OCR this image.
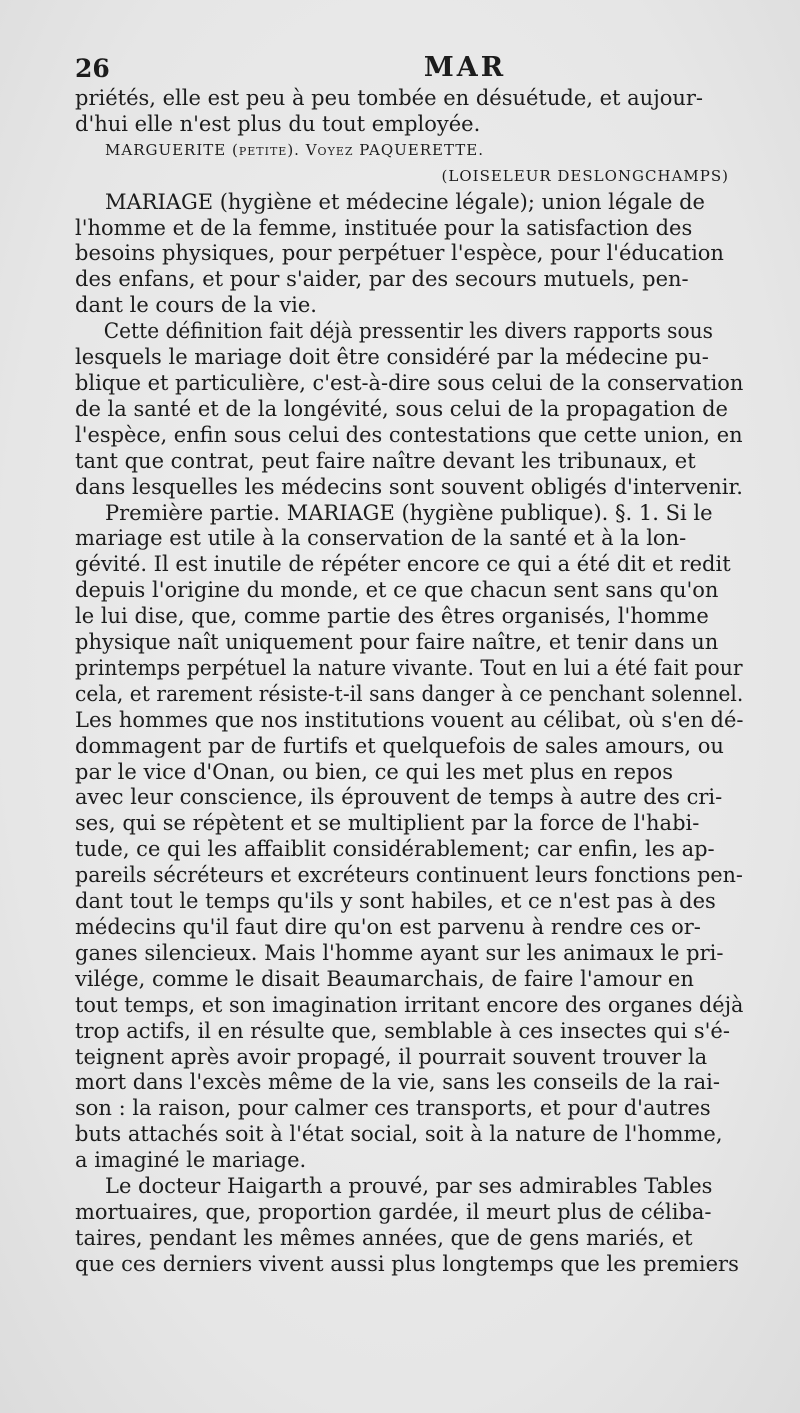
26	MAR
priétés, elle est peu à peu tombée en désuétude, et aujour-
d'hui elle n'est plus du tout employée.
MARGUERITE (petite). Voyez PAQUERETTE.
(LOISELEUR DESLONGCHAMPS)
MARIAGE (hygiène et médecine légale); union légale de
l'homme et de la femme, instituée pour la satisfaction des
besoins physiques, pour perpétuer l'espèce, pour l'éducation
des enfans, et pour s'aider, par des secours mutuels, pen-
dant le cours de la vie.
Cette définition fait déjà pressentir les divers rapports sous
lesquels le mariage doit être considéré par la médecine pu-
blique et particulière, c'est-à-dire sous celui de la conservation
de la santé et de la longévité, sous celui de la propagation de
l'espèce, enfin sous celui des contestations que cette union, en
tant que contrat, peut faire naître devant les tribunaux, et
dans lesquelles les médecins sont souvent obligés d'intervenir.
Première partie. MARIAGE (hygiène publique). §. 1. Si le
mariage est utile à la conservation de la santé et à la lon-
gévité. Il est inutile de répéter encore ce qui a été dit et redit
depuis l'origine du monde, et ce que chacun sent sans qu'on
le lui dise, que, comme partie des êtres organisés, l'homme
physique naît uniquement pour faire naître, et tenir dans un
printemps perpétuel la nature vivante. Tout en lui a été fait pour
cela, et rarement résiste-t-il sans danger à ce penchant solennel.
Les hommes que nos institutions vouent au célibat, où s'en dé-
dommagent par de furtifs et quelquefois de sales amours, ou
par le vice d'Onan, ou bien, ce qui les met plus en repos
avec leur conscience, ils éprouvent de temps à autre des cri-
ses, qui se répètent et se multiplient par la force de l'habi-
tude, ce qui les affaiblit considérablement; car enfin, les ap-
pareils sécréteurs et excréteurs continuent leurs fonctions pen-
dant tout le temps qu'ils y sont habiles, et ce n'est pas à des
médecins qu'il faut dire qu'on est parvenu à rendre ces or-
ganes silencieux. Mais l'homme ayant sur les animaux le pri-
vilége, comme le disait Beaumarchais, de faire l'amour en
tout temps, et son imagination irritant encore des organes déjà
trop actifs, il en résulte que, semblable à ces insectes qui s'é-
teignent après avoir propagé, il pourrait souvent trouver la
mort dans l'excès même de la vie, sans les conseils de la rai-
son : la raison, pour calmer ces transports, et pour d'autres
buts attachés soit à l'état social, soit à la nature de l'homme,
a imaginé le mariage.
Le docteur Haigarth a prouvé, par ses admirables Tables
mortuaires, que, proportion gardée, il meurt plus de céliba-
taires, pendant les mêmes années, que de gens mariés, et
que ces derniers vivent aussi plus longtemps que les premiers
